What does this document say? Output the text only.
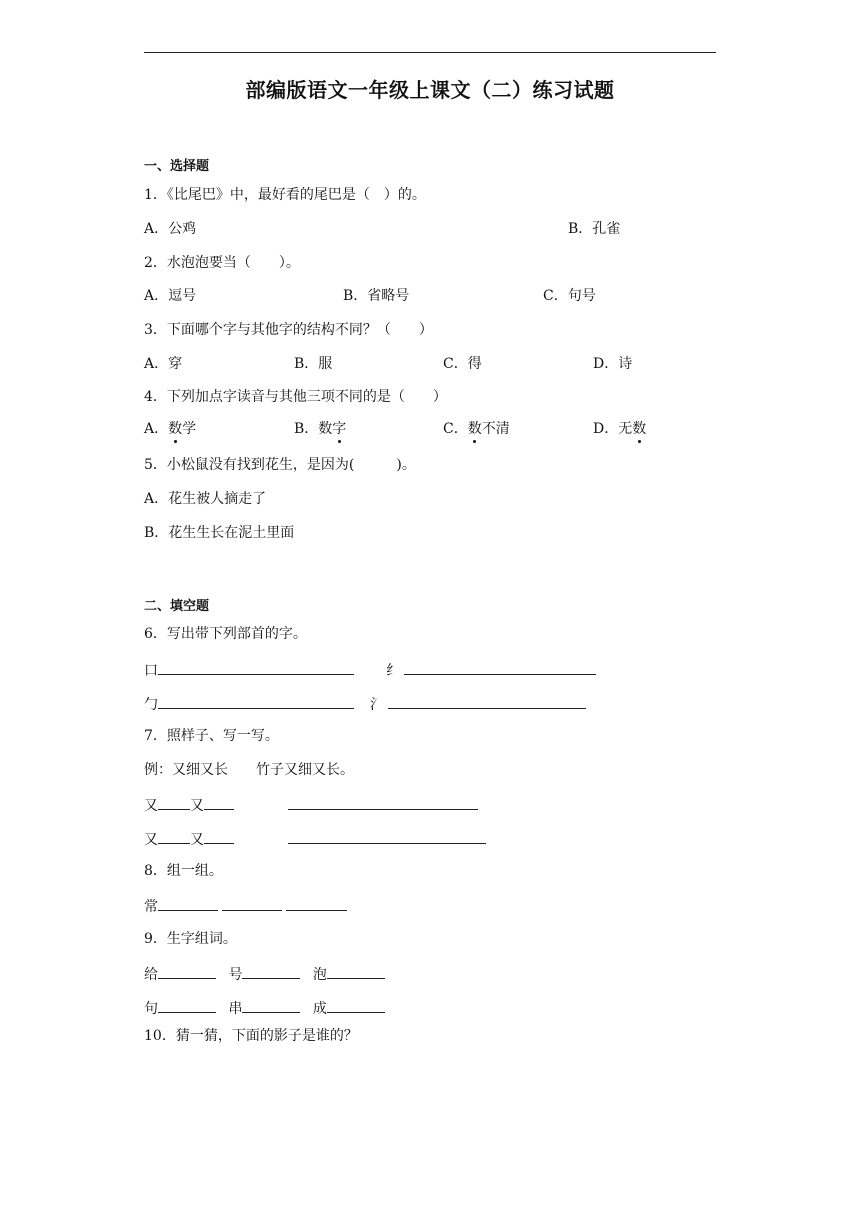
部编版语文一年级上课文（二）练习试题
一、选择题
1．《比尾巴》中，最好看的尾巴是（　）的。
A．公鸡	B．孔雀
2．水泡泡要当（　　）。
A．逗号	B．省略号	C．句号
3．下面哪个字与其他字的结构不同？（　　）
A．穿	B．服	C．得	D．诗
4．下列加点字读音与其他三项不同的是（　　）
A．数学	B．数字	C．数不清	D．无数
5．小松鼠没有找到花生，是因为(　　　)。
A．花生被人摘走了
B．花生生长在泥土里面
二、填空题
6．写出带下列部首的字。
口	纟
勹	氵
7．照样子、写一写。
例：又细又长　　竹子又细又长。
又 又
又 又
8．组一组。
常
9．生字组词。
给	号	泡
句	串	成
10．猜一猜，下面的影子是谁的？
